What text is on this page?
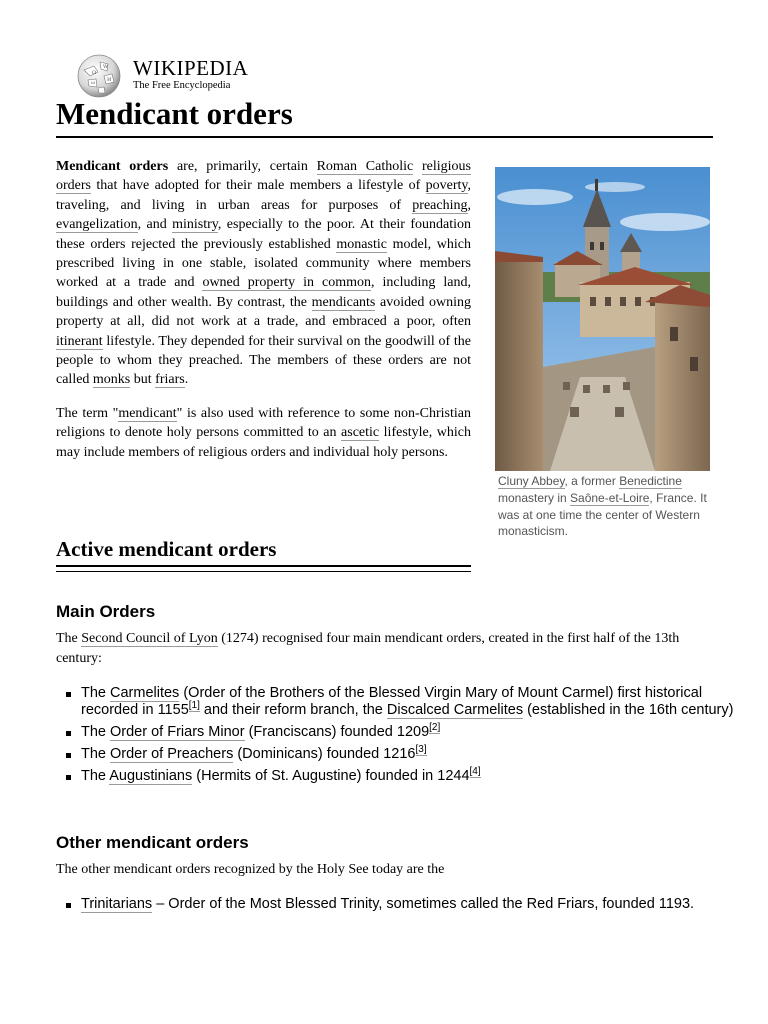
Ω
W
И
ω
WIKIPEDIA
The Free Encyclopedia
Mendicant orders

Mendicant orders are, primarily, certain Roman Catholic religious orders that have adopted for their male members a lifestyle of poverty, traveling, and living in urban areas for purposes of preaching, evangelization, and ministry, especially to the poor. At their foundation these orders rejected the previously established monastic model, which prescribed living in one stable, isolated community where members worked at a trade and owned property in common, including land, buildings and other wealth. By contrast, the mendicants avoided owning property at all, did not work at a trade, and embraced a poor, often itinerant lifestyle. They depended for their survival on the goodwill of the people to whom they preached. The members of these orders are not called monks but friars.

The term "mendicant" is also used with reference to some non-Christian religions to denote holy persons committed to an ascetic lifestyle, which may include members of religious orders and individual holy persons.

Cluny Abbey, a former Benedictine monastery in Saône-et-Loire, France. It was at one time the center of Western monasticism.
Active mendicant orders
Main Orders
The Second Council of Lyon (1274) recognised four main mendicant orders, created in the first half of the 13th century:
The Carmelites (Order of the Brothers of the Blessed Virgin Mary of Mount Carmel) first historical recorded in 1155[1] and their reform branch, the Discalced Carmelites (established in the 16th century)
The Order of Friars Minor (Franciscans) founded 1209[2]
The Order of Preachers (Dominicans) founded 1216[3]
The Augustinians (Hermits of St. Augustine) founded in 1244[4]
Other mendicant orders
The other mendicant orders recognized by the Holy See today are the
Trinitarians – Order of the Most Blessed Trinity, sometimes called the Red Friars, founded 1193.
